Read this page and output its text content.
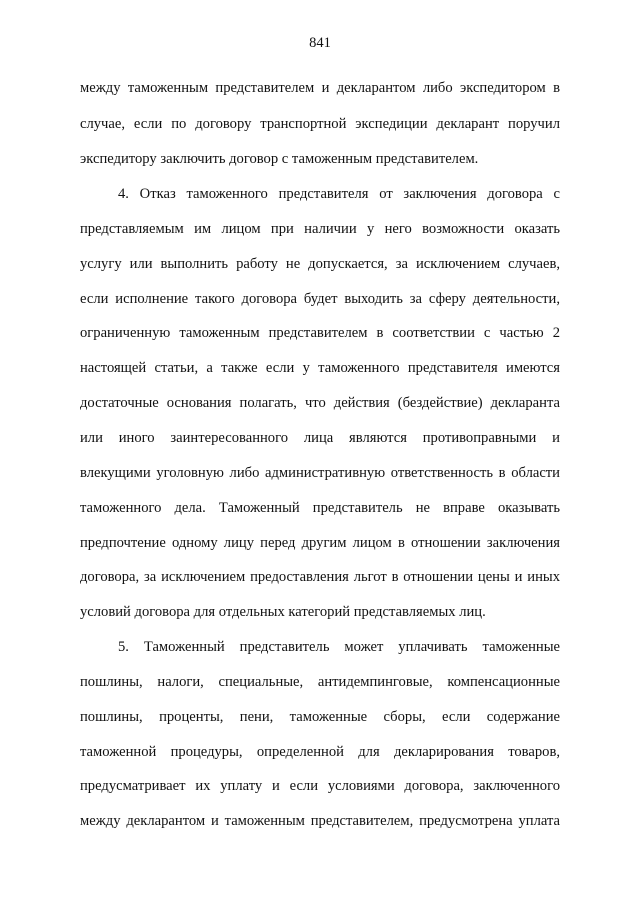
841
между таможенным представителем и декларантом либо экспедитором в
случае, если по договору транспортной экспедиции декларант поручил
экспедитору заключить договор с таможенным представителем.
4. Отказ таможенного представителя от заключения договора с
представляемым им лицом при наличии у него возможности оказать
услугу или выполнить работу не допускается, за исключением случаев,
если исполнение такого договора будет выходить за сферу деятельности,
ограниченную таможенным представителем в соответствии с частью 2
настоящей статьи, а также если у таможенного представителя имеются
достаточные основания полагать, что действия (бездействие) декларанта
или иного заинтересованного лица являются противоправными и
влекущими уголовную либо административную ответственность в области
таможенного дела. Таможенный представитель не вправе оказывать
предпочтение одному лицу перед другим лицом в отношении заключения
договора, за исключением предоставления льгот в отношении цены и иных
условий договора для отдельных категорий представляемых лиц.
5. Таможенный представитель может уплачивать таможенные
пошлины, налоги, специальные, антидемпинговые, компенсационные
пошлины, проценты, пени, таможенные сборы, если содержание
таможенной процедуры, определенной для декларирования товаров,
предусматривает их уплату и если условиями договора, заключенного
между декларантом и таможенным представителем, предусмотрена уплата
